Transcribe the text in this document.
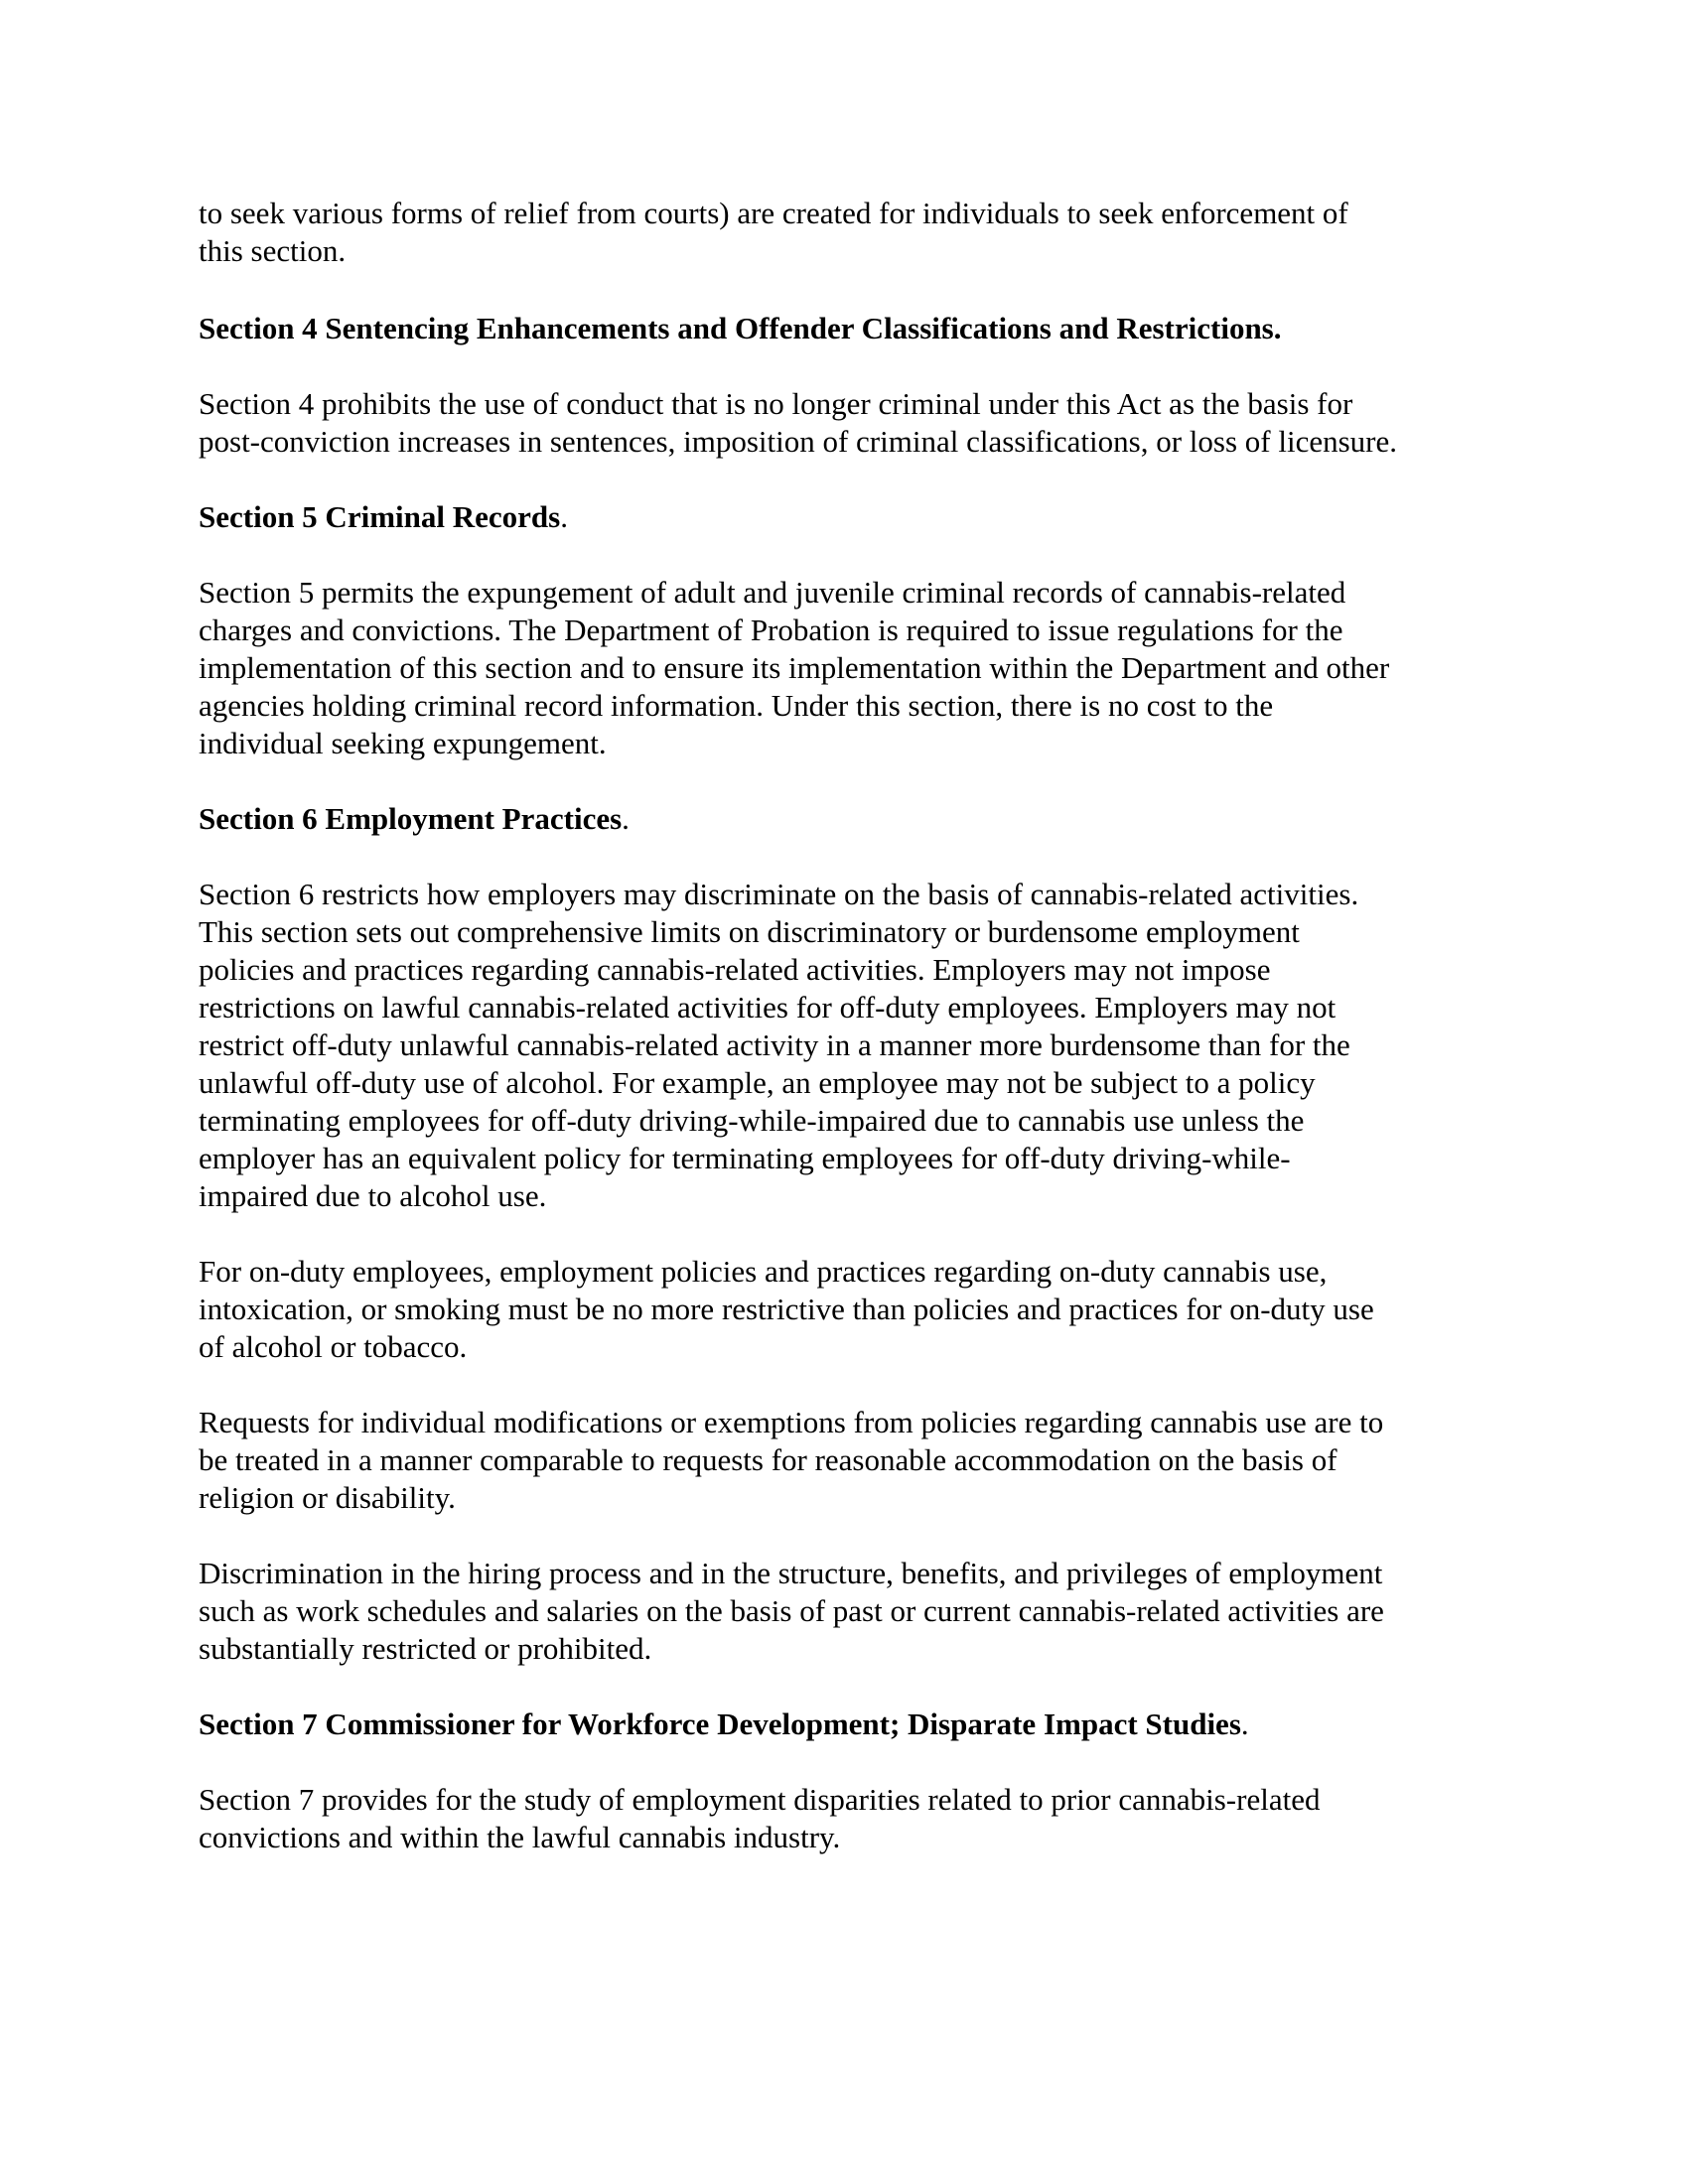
to seek various forms of relief from courts) are created for individuals to seek enforcement of
this section.

Section 4 Sentencing Enhancements and Offender Classifications and Restrictions.

Section 4 prohibits the use of conduct that is no longer criminal under this Act as the basis for
post-conviction increases in sentences, imposition of criminal classifications, or loss of licensure.

Section 5 Criminal Records.

Section 5 permits the expungement of adult and juvenile criminal records of cannabis-related
charges and convictions. The Department of Probation is required to issue regulations for the
implementation of this section and to ensure its implementation within the Department and other
agencies holding criminal record information. Under this section, there is no cost to the
individual seeking expungement.

Section 6 Employment Practices.

Section 6 restricts how employers may discriminate on the basis of cannabis-related activities.
This section sets out comprehensive limits on discriminatory or burdensome employment
policies and practices regarding cannabis-related activities. Employers may not impose
restrictions on lawful cannabis-related activities for off-duty employees. Employers may not
restrict off-duty unlawful cannabis-related activity in a manner more burdensome than for the
unlawful off-duty use of alcohol. For example, an employee may not be subject to a policy
terminating employees for off-duty driving-while-impaired due to cannabis use unless the
employer has an equivalent policy for terminating employees for off-duty driving-while-
impaired due to alcohol use.

For on-duty employees, employment policies and practices regarding on-duty cannabis use,
intoxication, or smoking must be no more restrictive than policies and practices for on-duty use
of alcohol or tobacco.

Requests for individual modifications or exemptions from policies regarding cannabis use are to
be treated in a manner comparable to requests for reasonable accommodation on the basis of
religion or disability.

Discrimination in the hiring process and in the structure, benefits, and privileges of employment
such as work schedules and salaries on the basis of past or current cannabis-related activities are
substantially restricted or prohibited.

Section 7 Commissioner for Workforce Development; Disparate Impact Studies.

Section 7 provides for the study of employment disparities related to prior cannabis-related
convictions and within the lawful cannabis industry.
